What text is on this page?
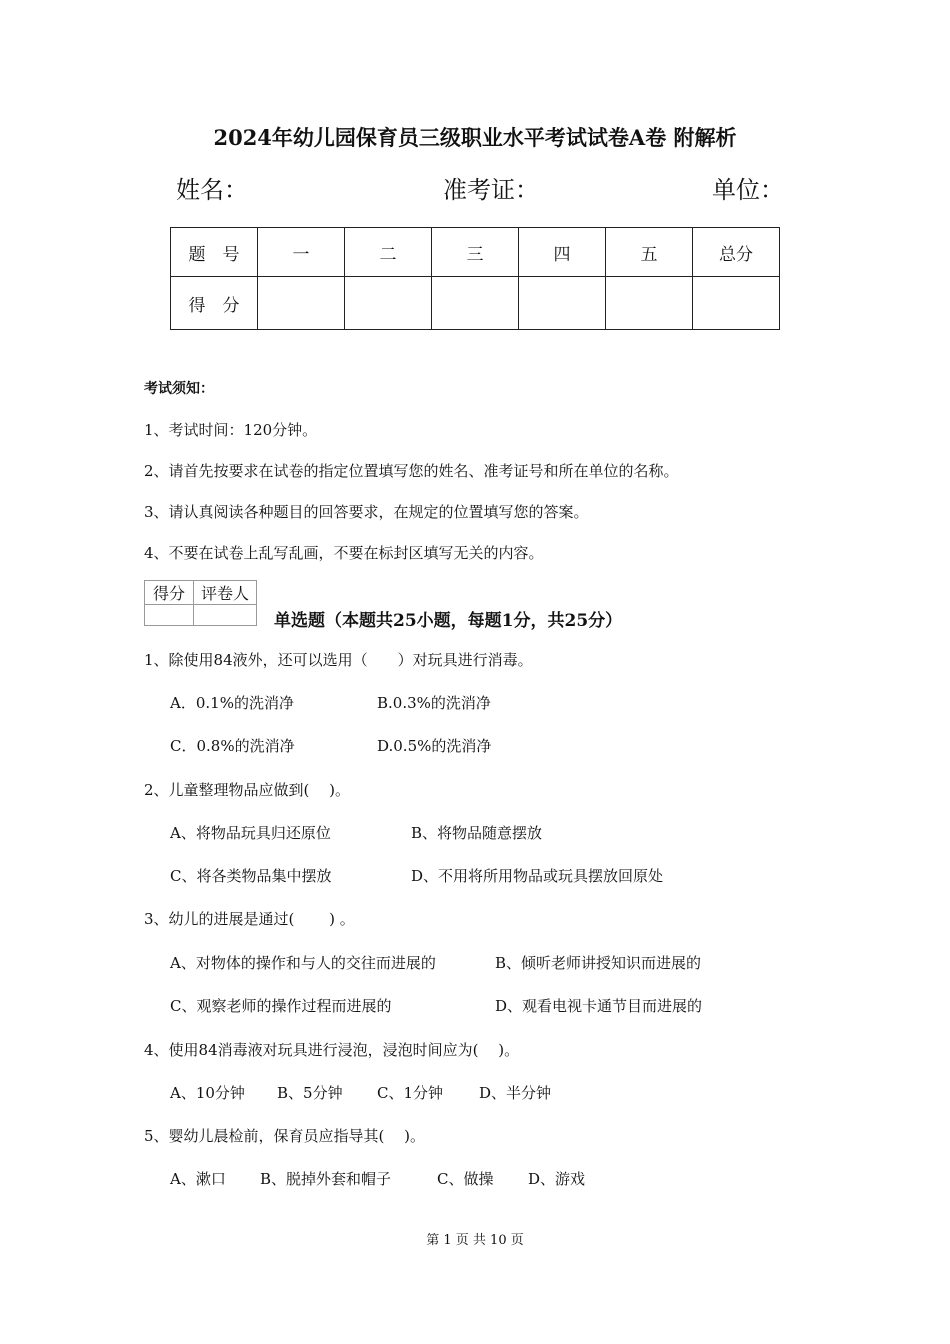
2024年幼儿园保育员三级职业水平考试试卷A卷 附解析
姓名：	准考证：	单位：
题　号	一	二	三	四	五	总分
得　分						
考试须知：
1、考试时间：120分钟。
2、请首先按要求在试卷的指定位置填写您的姓名、准考证号和所在单位的名称。
3、请认真阅读各种题目的回答要求，在规定的位置填写您的答案。
4、不要在试卷上乱写乱画，不要在标封区填写无关的内容。
得分	评卷人

单选题（本题共25小题，每题1分，共25分）
1、除使用84液外，还可以选用（　　）对玩具进行消毒。
A．0.1%的洗消净	B.0.3%的洗消净
C．0.8%的洗消净	D.0.5%的洗消净
2、儿童整理物品应做到(　 )。
A、将物品玩具归还原位	B、将物品随意摆放
C、将各类物品集中摆放	D、不用将所用物品或玩具摆放回原处
3、幼儿的进展是通过(　　 ) 。
A、对物体的操作和与人的交往而进展的	B、倾听老师讲授知识而进展的
C、观察老师的操作过程而进展的	D、观看电视卡通节目而进展的
4、使用84消毒液对玩具进行浸泡，浸泡时间应为(　 )。
A、10分钟 B、5分钟 C、1分钟 D、半分钟
5、婴幼儿晨检前，保育员应指导其(　 )。
A、漱口 B、脱掉外套和帽子	C、做操 D、游戏
第 1 页 共 10 页
